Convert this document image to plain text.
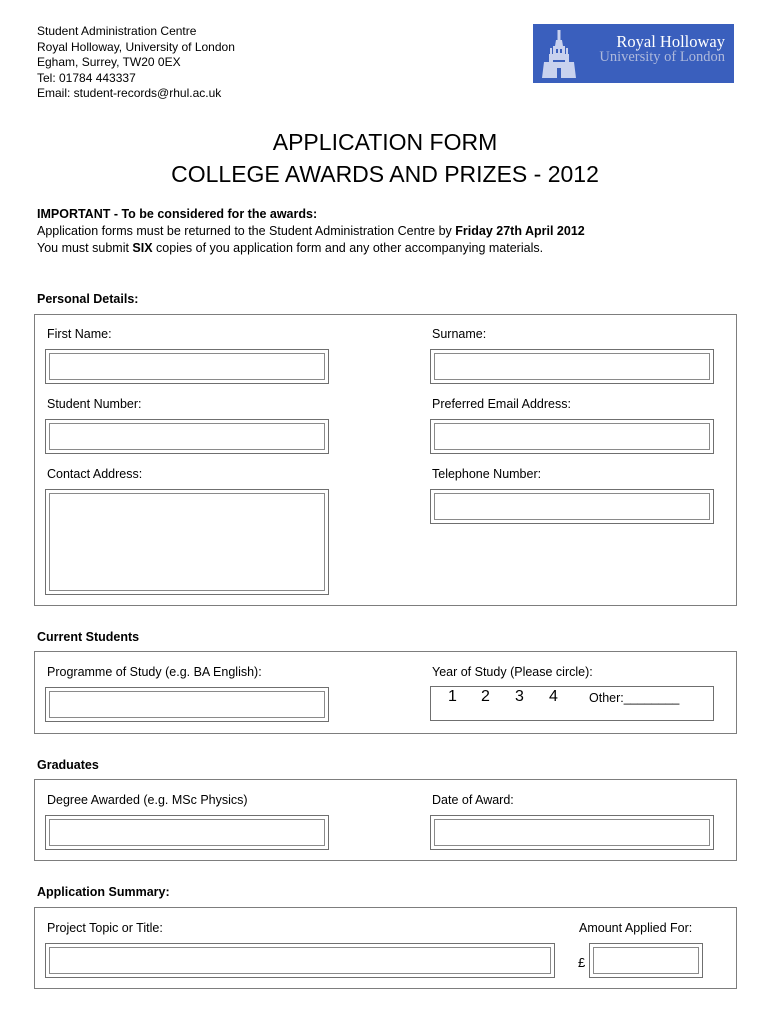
Student Administration Centre
Royal Holloway, University of London
Egham, Surrey, TW20 0EX
Tel: 01784 443337
Email: student-records@rhul.ac.uk
Royal Holloway
University of London
APPLICATION FORM
COLLEGE AWARDS AND PRIZES - 2012
IMPORTANT - To be considered for the awards:
Application forms must be returned to the Student Administration Centre by Friday 27th April 2012
You must submit SIX copies of you application form and any other accompanying materials.
Personal Details:
First Name:	Surname:
Student Number:	Preferred Email Address:
Contact Address:	Telephone Number:
Current Students
Programme of Study (e.g. BA English):	Year of Study (Please circle):
1 2 3 4 Other:________
Graduates
Degree Awarded (e.g. MSc Physics)	Date of Award:
Application Summary:
Project Topic or Title:	Amount Applied For:
£
